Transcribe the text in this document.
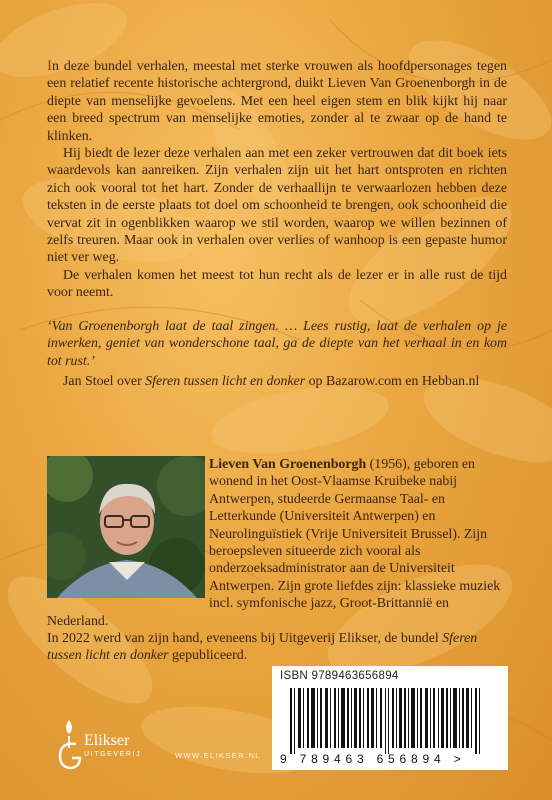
In deze bundel verhalen, meestal met sterke vrouwen als hoofdpersonages tegen een relatief recente historische achtergrond, duikt Lieven Van Groenenborgh in de diepte van menselijke gevoelens. Met een heel eigen stem en blik kijkt hij naar een breed spectrum van menselijke emoties, zonder al te zwaar op de hand te klinken.

Hij biedt de lezer deze verhalen aan met een zeker vertrouwen dat dit boek iets waardevols kan aanreiken. Zijn verhalen zijn uit het hart ontsproten en richten zich ook vooral tot het hart. Zonder de verhaallijn te verwaarlozen hebben deze teksten in de eerste plaats tot doel om schoonheid te brengen, ook schoonheid die vervat zit in ogenblikken waarop we stil worden, waarop we willen bezinnen of zelfs treuren. Maar ook in verhalen over verlies of wanhoop is een gepaste humor niet ver weg.

De verhalen komen het meest tot hun recht als de lezer er in alle rust de tijd voor neemt.

‘Van Groenenborgh laat de taal zingen. … Lees rustig, laat de verhalen op je inwerken, geniet van wonderschone taal, ga de diepte van het verhaal in en kom tot rust.’

Jan Stoel over Sferen tussen licht en donker op Bazarow.com en Hebban.nl

Lieven Van Groenenborgh (1956), geboren en wonend in het Oost-Vlaamse Kruibeke nabij Antwerpen, studeerde Germaanse Taal- en Letterkunde (Universiteit Antwerpen) en Neurolinguïstiek (Vrije Universiteit Brussel). Zijn beroepsleven situeerde zich vooral als onderzoeksadministrator aan de Universiteit Antwerpen. Zijn grote liefdes zijn: klassieke muziek incl. symfonische jazz, Groot-Brittannië en Nederland.

In 2022 werd van zijn hand, eveneens bij Uitgeverij Elikser, de bundel Sferen tussen licht en donker gepubliceerd.

ISBN 9789463656894
9 789463 656894 >
Elikser
UITGEVERIJ	WWW.ELIKSER.NL
